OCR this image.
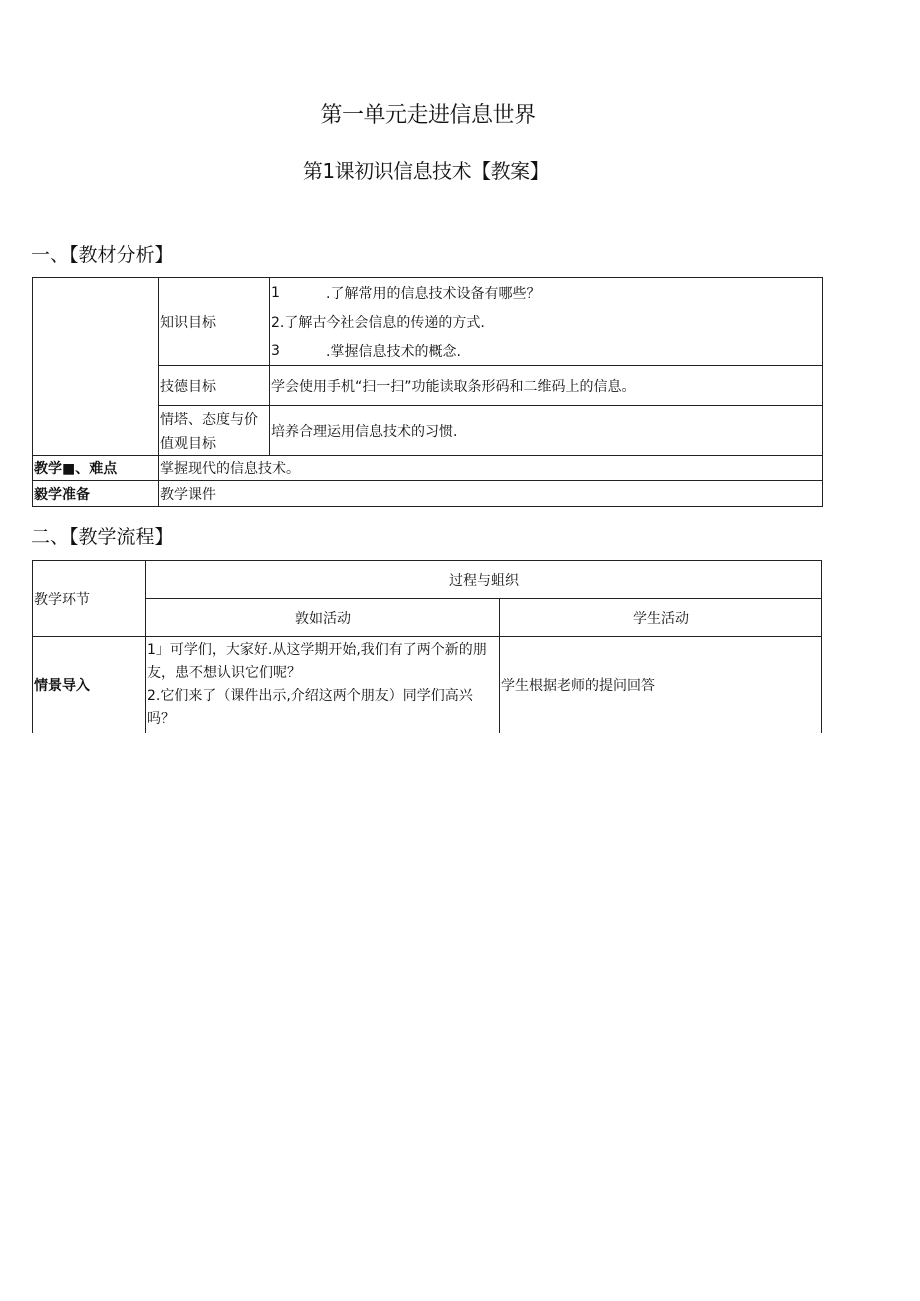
第一单元走进信息世界
第1课初识信息技术【教案】
一、【教材分析】
	知识目标	1 .了解常用的信息技术设备有哪些？
2.了解古今社会信息的传递的方式.
3 .掌握信息技术的概念.

	技德目标	学会使用手机“扫一扫”功能读取条形码和二维码上的信息。

	情塔、态度与价值观目标	培养合理运用信息技术的习惯.
教学■、难点	掌握现代的信息技术。	
毅学准备	教学课件	
二、【教学流程】
教学环节	过程与蛆织	
	敦如活动	学生活动
情景导入	1」可学们，大家好.从这学期开始,我们有了两个新的朋友，患不想认识它们呢？
2.它们来了（课件出示,介绍这两个朋友）同学们高兴吗？	学生根据老师的提问回答
